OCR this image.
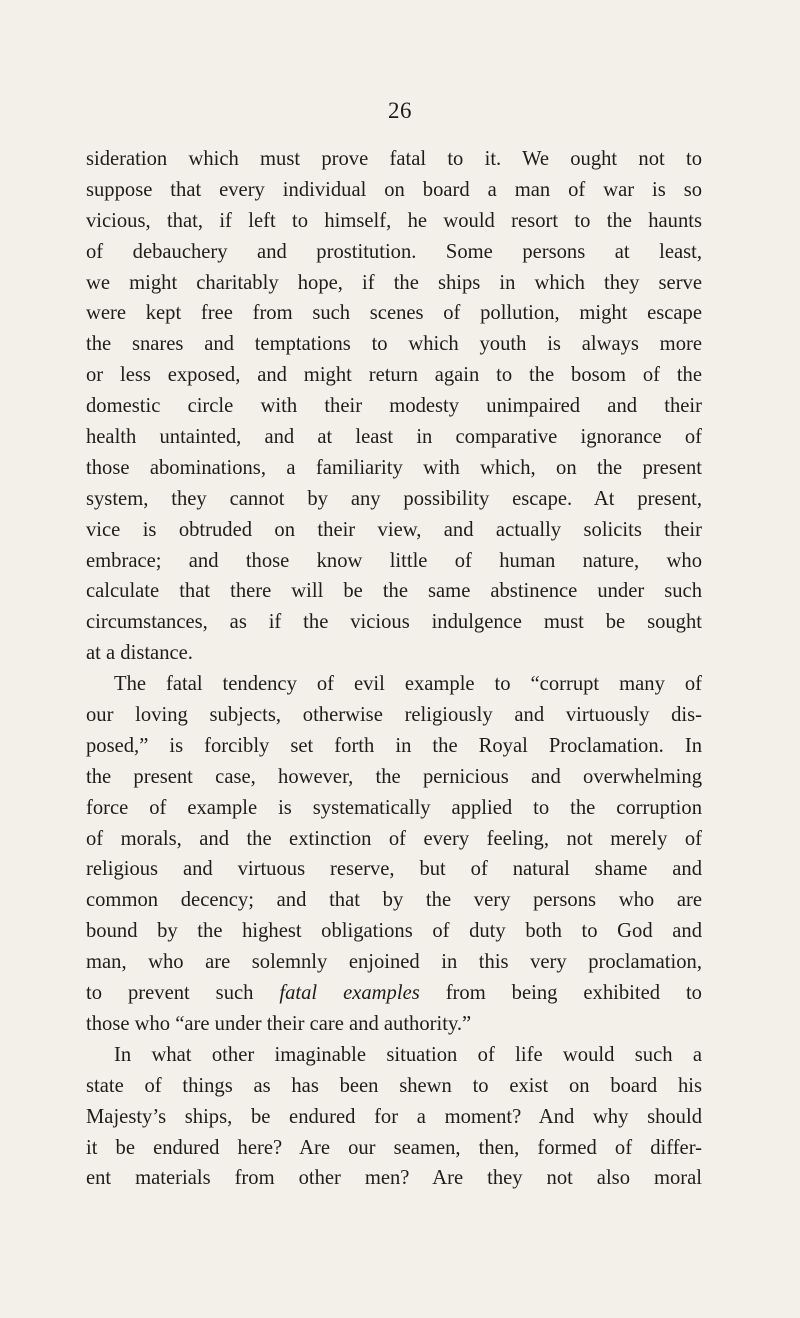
26
sideration which must prove fatal to it. We ought not to
suppose that every individual on board a man of war is so
vicious, that, if left to himself, he would resort to the haunts
of debauchery and prostitution. Some persons at least,
we might charitably hope, if the ships in which they serve
were kept free from such scenes of pollution, might escape
the snares and temptations to which youth is always more
or less exposed, and might return again to the bosom of the
domestic circle with their modesty unimpaired and their
health untainted, and at least in comparative ignorance of
those abominations, a familiarity with which, on the present
system, they cannot by any possibility escape. At present,
vice is obtruded on their view, and actually solicits their
embrace; and those know little of human nature, who
calculate that there will be the same abstinence under such
circumstances, as if the vicious indulgence must be sought
at a distance.
The fatal tendency of evil example to “corrupt many of
our loving subjects, otherwise religiously and virtuously dis-
posed,” is forcibly set forth in the Royal Proclamation. In
the present case, however, the pernicious and overwhelming
force of example is systematically applied to the corruption
of morals, and the extinction of every feeling, not merely of
religious and virtuous reserve, but of natural shame and
common decency; and that by the very persons who are
bound by the highest obligations of duty both to God and
man, who are solemnly enjoined in this very proclamation,
to prevent such fatal examples from being exhibited to
those who “are under their care and authority.”
In what other imaginable situation of life would such a
state of things as has been shewn to exist on board his
Majesty’s ships, be endured for a moment? And why should
it be endured here? Are our seamen, then, formed of differ-
ent materials from other men? Are they not also moral
